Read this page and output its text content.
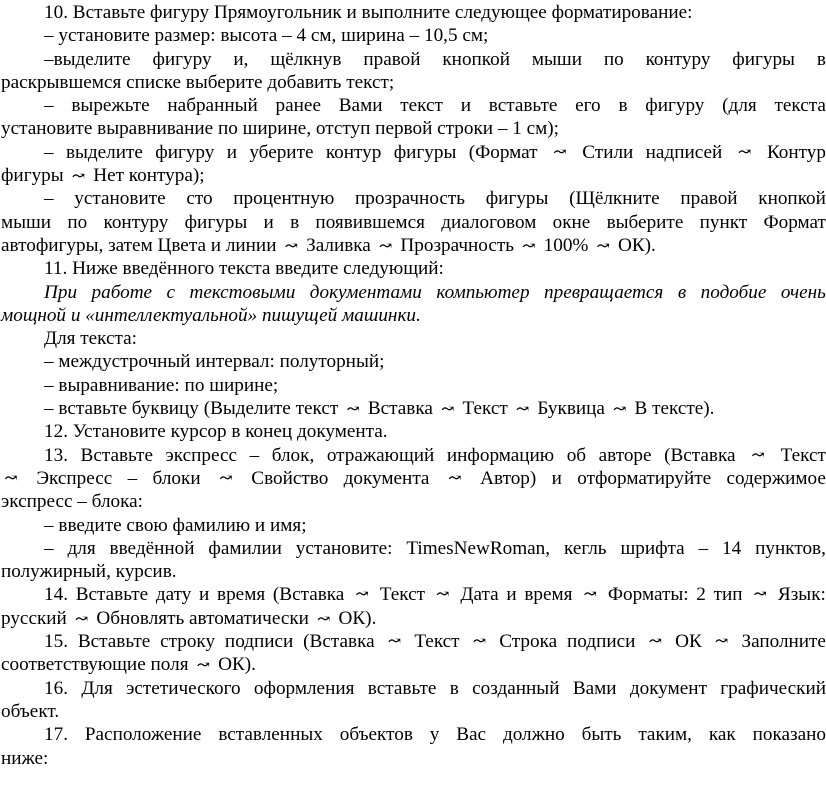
10. Вставьте фигуру Прямоугольник и выполните следующее форматирование:
– установите размер: высота – 4 см, ширина – 10,5 см;
–выделите фигуру и, щёлкнув правой кнопкой мыши по контуру фигуры в
раскрывшемся списке выберите добавить текст;
– вырежьте набранный ранее Вами текст и вставьте его в фигуру (для текста
установите выравнивание по ширине, отступ первой строки – 1 см);
– выделите фигуру и уберите контур фигуры (Формат ↝ Стили надписей ↝ Контур
фигуры ↝ Нет контура);
– установите сто процентную прозрачность фигуры (Щёлкните правой кнопкой
мыши по контуру фигуры и в появившемся диалоговом окне выберите пункт Формат
автофигуры, затем Цвета и линии ↝ Заливка ↝ Прозрачность ↝ 100% ↝ ОК).
11. Ниже введённого текста введите следующий:
При работе с текстовыми документами компьютер превращается в подобие очень
мощной и «интеллектуальной» пишущей машинки.
Для текста:
– междустрочный интервал: полуторный;
– выравнивание: по ширине;
– вставьте буквицу (Выделите текст ↝ Вставка ↝ Текст ↝ Буквица ↝ В тексте).
12. Установите курсор в конец документа.
13. Вставьте экспресс – блок, отражающий информацию об авторе (Вставка ↝ Текст
↝ Экспресс – блоки ↝ Свойство документа ↝ Автор) и отформатируйте содержимое
экспресс – блока:
– введите свою фамилию и имя;
– для введённой фамилии установите: TimesNewRoman, кегль шрифта – 14 пунктов,
полужирный, курсив.
14. Вставьте дату и время (Вставка ↝ Текст ↝ Дата и время ↝ Форматы: 2 тип ↝ Язык:
русский ↝ Обновлять автоматически ↝ ОК).
15. Вставьте строку подписи (Вставка ↝ Текст ↝ Строка подписи ↝ ОК ↝ Заполните
соответствующие поля ↝ ОК).
16. Для эстетического оформления вставьте в созданный Вами документ графический
объект.
17. Расположение вставленных объектов у Вас должно быть таким, как показано
ниже:
